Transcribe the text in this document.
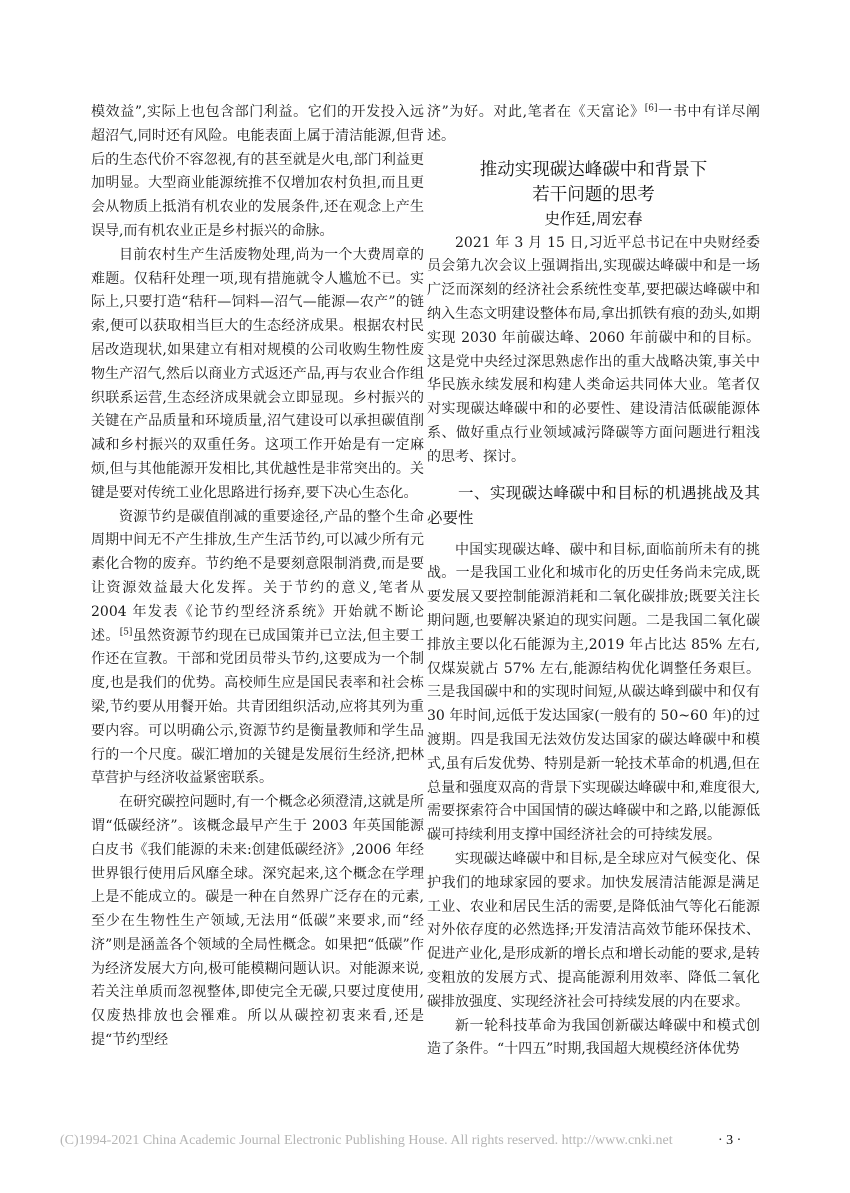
模效益”,实际上也包含部门利益。它们的开发投入远超沼气,同时还有风险。电能表面上属于清洁能源,但背后的生态代价不容忽视,有的甚至就是火电,部门利益更加明显。大型商业能源统推不仅增加农村负担,而且更会从物质上抵消有机农业的发展条件,还在观念上产生误导,而有机农业正是乡村振兴的命脉。

目前农村生产生活废物处理,尚为一个大费周章的难题。仅秸秆处理一项,现有措施就令人尴尬不已。实际上,只要打造“秸秆—饲料—沼气—能源—农产”的链索,便可以获取相当巨大的生态经济成果。根据农村民居改造现状,如果建立有相对规模的公司收购生物性废物生产沼气,然后以商业方式返还产品,再与农业合作组织联系运营,生态经济成果就会立即显现。乡村振兴的关键在产品质量和环境质量,沼气建设可以承担碳值削减和乡村振兴的双重任务。这项工作开始是有一定麻烦,但与其他能源开发相比,其优越性是非常突出的。关键是要对传统工业化思路进行扬弃,要下决心生态化。

资源节约是碳值削减的重要途径,产品的整个生命周期中间无不产生排放,生产生活节约,可以减少所有元素化合物的废弃。节约绝不是要刻意限制消费,而是要让资源效益最大化发挥。关于节约的意义,笔者从 2004 年发表《论节约型经济系统》开始就不断论述。[5]虽然资源节约现在已成国策并已立法,但主要工作还在宣教。干部和党团员带头节约,这要成为一个制度,也是我们的优势。高校师生应是国民表率和社会栋梁,节约要从用餐开始。共青团组织活动,应将其列为重要内容。可以明确公示,资源节约是衡量教师和学生品行的一个尺度。碳汇增加的关键是发展衍生经济,把林草营护与经济收益紧密联系。

在研究碳控问题时,有一个概念必须澄清,这就是所谓“低碳经济”。该概念最早产生于 2003 年英国能源白皮书《我们能源的未来:创建低碳经济》,2006 年经世界银行使用后风靡全球。深究起来,这个概念在学理上是不能成立的。碳是一种在自然界广泛存在的元素,至少在生物性生产领域,无法用“低碳”来要求,而“经济”则是涵盖各个领域的全局性概念。如果把“低碳”作为经济发展大方向,极可能模糊问题认识。对能源来说,若关注单质而忽视整体,即使完全无碳,只要过度使用,仅废热排放也会罹难。所以从碳控初衷来看,还是提“节约型经

济”为好。对此,笔者在《天富论》[6]一书中有详尽阐述。

推动实现碳达峰碳中和背景下
若干问题的思考
史作廷,周宏春

2021 年 3 月 15 日,习近平总书记在中央财经委员会第九次会议上强调指出,实现碳达峰碳中和是一场广泛而深刻的经济社会系统性变革,要把碳达峰碳中和纳入生态文明建设整体布局,拿出抓铁有痕的劲头,如期实现 2030 年前碳达峰、2060 年前碳中和的目标。这是党中央经过深思熟虑作出的重大战略决策,事关中华民族永续发展和构建人类命运共同体大业。笔者仅对实现碳达峰碳中和的必要性、建设清洁低碳能源体系、做好重点行业领域减污降碳等方面问题进行粗浅的思考、探讨。

一、实现碳达峰碳中和目标的机遇挑战及其必要性

中国实现碳达峰、碳中和目标,面临前所未有的挑战。一是我国工业化和城市化的历史任务尚未完成,既要发展又要控制能源消耗和二氧化碳排放;既要关注长期问题,也要解决紧迫的现实问题。二是我国二氧化碳排放主要以化石能源为主,2019 年占比达 85% 左右,仅煤炭就占 57% 左右,能源结构优化调整任务艰巨。三是我国碳中和的实现时间短,从碳达峰到碳中和仅有 30 年时间,远低于发达国家(一般有的 50~60 年)的过渡期。四是我国无法效仿发达国家的碳达峰碳中和模式,虽有后发优势、特别是新一轮技术革命的机遇,但在总量和强度双高的背景下实现碳达峰碳中和,难度很大,需要探索符合中国国情的碳达峰碳中和之路,以能源低碳可持续利用支撑中国经济社会的可持续发展。

实现碳达峰碳中和目标,是全球应对气候变化、保护我们的地球家园的要求。加快发展清洁能源是满足工业、农业和居民生活的需要,是降低油气等化石能源对外依存度的必然选择;开发清洁高效节能环保技术、促进产业化,是形成新的增长点和增长动能的要求,是转变粗放的发展方式、提高能源利用效率、降低二氧化碳排放强度、实现经济社会可持续发展的内在要求。

新一轮科技革命为我国创新碳达峰碳中和模式创造了条件。“十四五”时期,我国超大规模经济体优势

(C)1994-2021 China Academic Journal Electronic Publishing House. All rights reserved. http://www.cnki.net	· 3 ·
